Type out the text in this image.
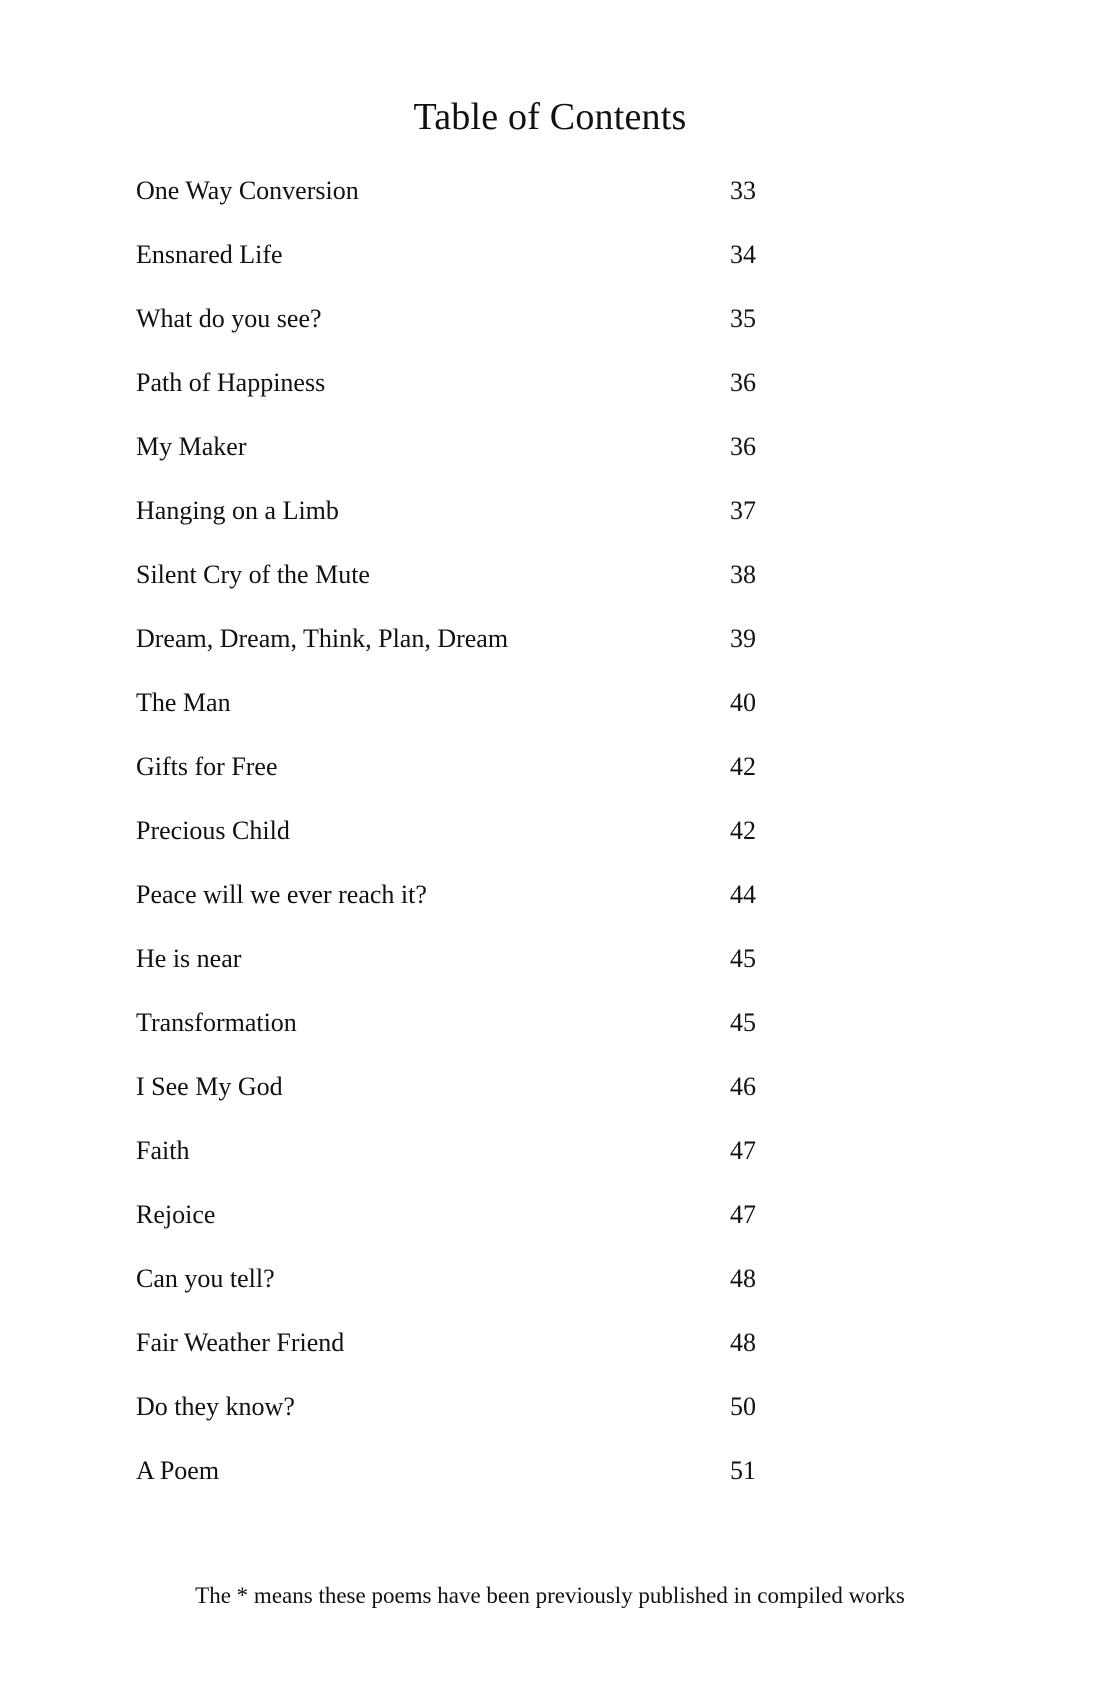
Table of Contents
One Way Conversion	33
Ensnared Life	34
What do you see?	35
Path of Happiness	36
My Maker	36
Hanging on a Limb	37
Silent Cry of the Mute	38
Dream, Dream, Think, Plan, Dream	39
The Man	40
Gifts for Free	42
Precious Child	42
Peace will we ever reach it?	44
He is near	45
Transformation	45
I See My God	46
Faith	47
Rejoice	47
Can you tell?	48
Fair Weather Friend	48
Do they know?	50
A Poem	51
The * means these poems have been previously published in compiled works
